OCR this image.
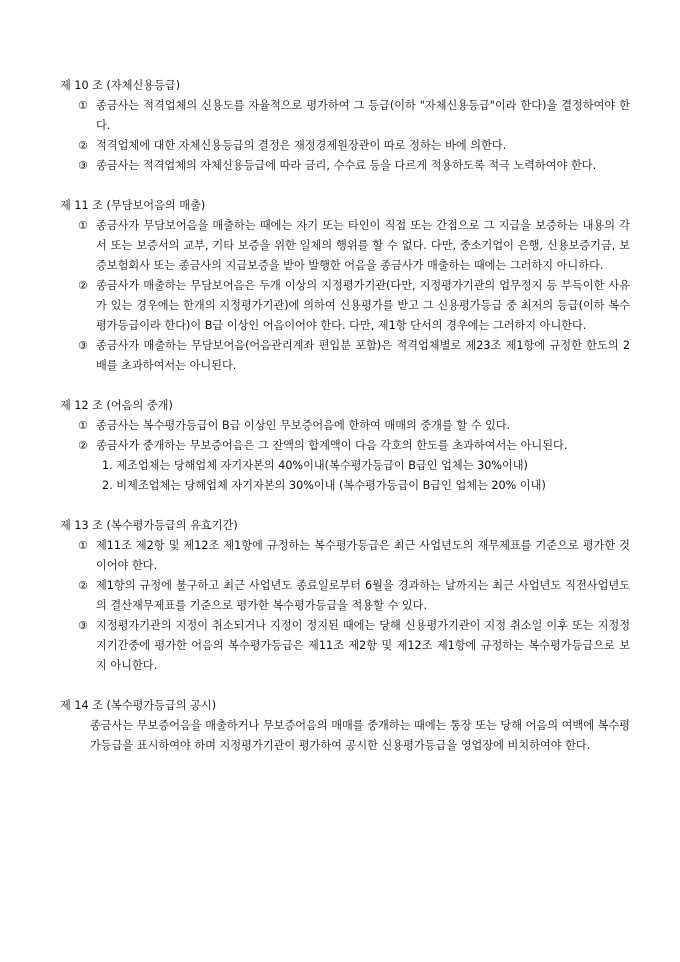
제 10 조 (자체신용등급)
① 종금사는 적격업체의 신용도를 자율적으로 평가하여 그 등급(이하 "자체신용등급"이라 한다)을 결정하여야 한다.
② 적격업체에 대한 자체신용등급의 결정은 재정경제원장관이 따로 정하는 바에 의한다.
③ 종금사는 적격업체의 자체신용등급에 따라 금리, 수수료 등을 다르게 적용하도록 적극 노력하여야 한다.
제 11 조 (무담보어음의 매출)
① 종금사가 무담보어음을 매출하는 때에는 자기 또는 타인이 직접 또는 간접으로 그 지급을 보증하는 내용의 각서 또는 보증서의 교부, 기타 보증을 위한 일체의 행위를 할 수 없다. 다만, 중소기업이 은행, 신용보증기금, 보증보험회사 또는 종금사의 지급보증을 받아 발행한 어음을 종금사가 매출하는 때에는 그러하지 아니하다.
② 종금사가 매출하는 무담보어음은 두개 이상의 지정평가기관(다만, 지정평가기관의 업무정지 등 부득이한 사유가 있는 경우에는 한개의 지정평가기관)에 의하여 신용평가를 받고 그 신용평가등급 중 최저의 등급(이하 복수평가등급이라 한다)이 B급 이상인 어음이어야 한다. 다만, 제1항 단서의 경우에는 그러하지 아니한다.
③ 종금사가 매출하는 무담보어음(어음관리계좌 편입분 포함)은 적격업체별로 제23조 제1항에 규정한 한도의 2배를 초과하여서는 아니된다.
제 12 조 (어음의 중개)
① 종금사는 복수평가등급이 B급 이상인 무보증어음에 한하여 매매의 중개를 할 수 있다.
② 종금사가 중개하는 무보증어음은 그 잔액의 합계액이 다음 각호의 한도를 초과하여서는 아니된다.
1. 제조업체는 당해업체 자기자본의 40%이내(복수평가등급이 B급인 업체는 30%이내)
2. 비제조업체는 당해업체 자기자본의 30%이내 (복수평가등급이 B급인 업체는 20% 이내)
제 13 조 (복수평가등급의 유효기간)
① 제11조 제2항 및 제12조 제1항에 규정하는 복수평가등급은 최근 사업년도의 재무제표를 기준으로 평가한 것이어야 한다.
② 제1항의 규정에 불구하고 최근 사업년도 종료일로부터 6월을 경과하는 날까지는 최근 사업년도 직전사업년도의 결산재무제표를 기준으로 평가한 복수평가등급을 적용할 수 있다.
③ 지정평가기관의 지정이 취소되거나 지정이 정지된 때에는 당해 신용평가기관이 지정 취소일 이후 또는 지정정지기간중에 평가한 어음의 복수평가등급은 제11조 제2항 및 제12조 제1항에 규정하는 복수평가등급으로 보지 아니한다.
제 14 조 (복수평가등급의 공시)
종금사는 무보증어음을 매출하거나 무보증어음의 매매를 중개하는 때에는 통장 또는 당해 어음의 여백에 복수평가등급을 표시하여야 하며 지정평가기관이 평가하여 공시한 신용평가등급을 영업장에 비치하여야 한다.
